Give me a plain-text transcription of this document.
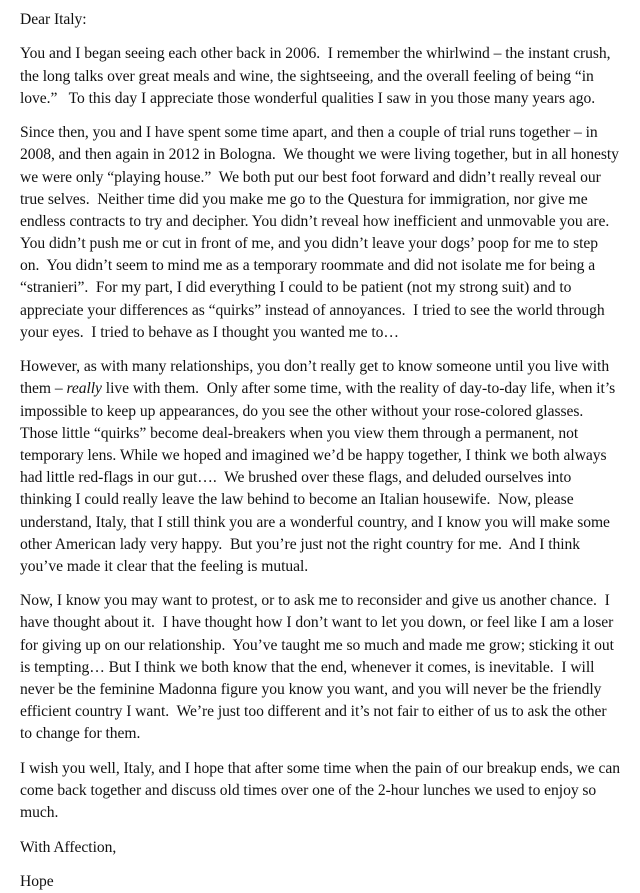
Dear Italy:
You and I began seeing each other back in 2006.  I remember the whirlwind – the instant crush,
the long talks over great meals and wine, the sightseeing, and the overall feeling of being “in
love.”   To this day I appreciate those wonderful qualities I saw in you those many years ago.
Since then, you and I have spent some time apart, and then a couple of trial runs together – in
2008, and then again in 2012 in Bologna.  We thought we were living together, but in all honesty
we were only “playing house.”  We both put our best foot forward and didn’t really reveal our
true selves.  Neither time did you make me go to the Questura for immigration, nor give me
endless contracts to try and decipher. You didn’t reveal how inefficient and unmovable you are.
You didn’t push me or cut in front of me, and you didn’t leave your dogs’ poop for me to step
on.  You didn’t seem to mind me as a temporary roommate and did not isolate me for being a
“stranieri”.  For my part, I did everything I could to be patient (not my strong suit) and to
appreciate your differences as “quirks” instead of annoyances.  I tried to see the world through
your eyes.  I tried to behave as I thought you wanted me to…
However, as with many relationships, you don’t really get to know someone until you live with
them – really live with them.  Only after some time, with the reality of day-to-day life, when it’s
impossible to keep up appearances, do you see the other without your rose-colored glasses.
Those little “quirks” become deal-breakers when you view them through a permanent, not
temporary lens. While we hoped and imagined we’d be happy together, I think we both always
had little red-flags in our gut….  We brushed over these flags, and deluded ourselves into
thinking I could really leave the law behind to become an Italian housewife.  Now, please
understand, Italy, that I still think you are a wonderful country, and I know you will make some
other American lady very happy.  But you’re just not the right country for me.  And I think
you’ve made it clear that the feeling is mutual.
Now, I know you may want to protest, or to ask me to reconsider and give us another chance.  I
have thought about it.  I have thought how I don’t want to let you down, or feel like I am a loser
for giving up on our relationship.  You’ve taught me so much and made me grow; sticking it out
is tempting… But I think we both know that the end, whenever it comes, is inevitable.  I will
never be the feminine Madonna figure you know you want, and you will never be the friendly
efficient country I want.  We’re just too different and it’s not fair to either of us to ask the other
to change for them.
I wish you well, Italy, and I hope that after some time when the pain of our breakup ends, we can
come back together and discuss old times over one of the 2-hour lunches we used to enjoy so
much.
With Affection,
Hope
